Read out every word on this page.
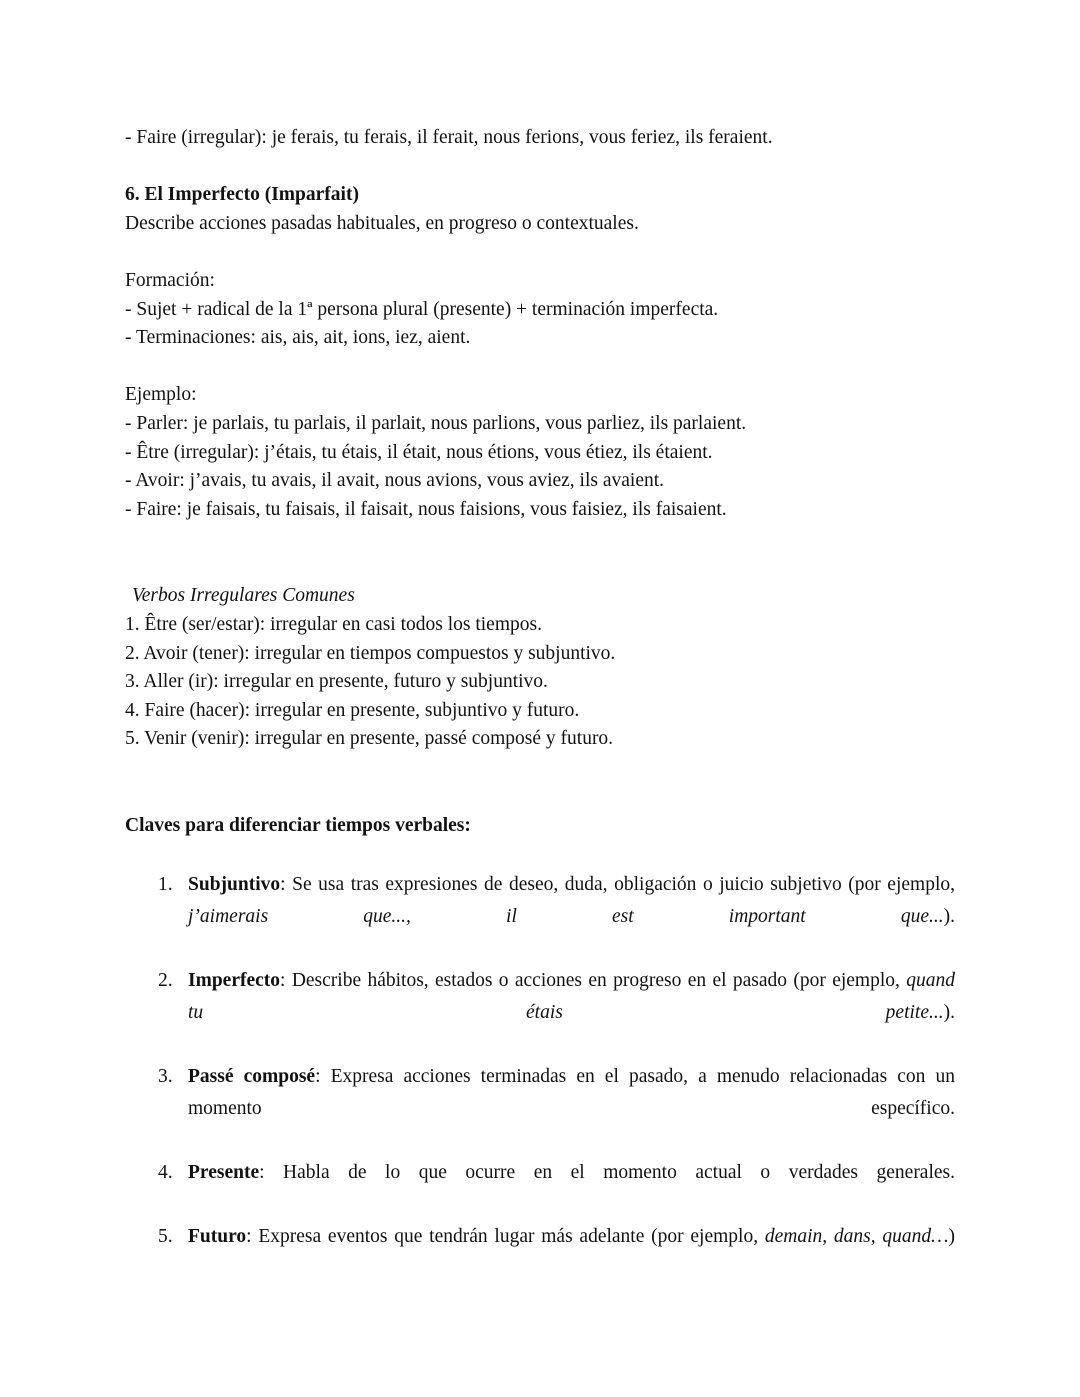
- Faire (irregular): je ferais, tu ferais, il ferait, nous ferions, vous feriez, ils feraient.
6. El Imperfecto (Imparfait)
Describe acciones pasadas habituales, en progreso o contextuales.
Formación:
- Sujet + radical de la 1ª persona plural (presente) + terminación imperfecta.
- Terminaciones: ais, ais, ait, ions, iez, aient.
Ejemplo:
- Parler: je parlais, tu parlais, il parlait, nous parlions, vous parliez, ils parlaient.
- Être (irregular): j’étais, tu étais, il était, nous étions, vous étiez, ils étaient.
- Avoir: j’avais, tu avais, il avait, nous avions, vous aviez, ils avaient.
- Faire: je faisais, tu faisais, il faisait, nous faisions, vous faisiez, ils faisaient.
Verbos Irregulares Comunes
1. Être (ser/estar): irregular en casi todos los tiempos.
2. Avoir (tener): irregular en tiempos compuestos y subjuntivo.
3. Aller (ir): irregular en presente, futuro y subjuntivo.
4. Faire (hacer): irregular en presente, subjuntivo y futuro.
5. Venir (venir): irregular en presente, passé composé y futuro.
Claves para diferenciar tiempos verbales:
1. Subjuntivo: Se usa tras expresiones de deseo, duda, obligación o juicio subjetivo (por ejemplo, j’aimerais que..., il est important que...).
2. Imperfecto: Describe hábitos, estados o acciones en progreso en el pasado (por ejemplo, quand tu étais petite...).
3. Passé composé: Expresa acciones terminadas en el pasado, a menudo relacionadas con un momento específico.
4. Presente: Habla de lo que ocurre en el momento actual o verdades generales.
5. Futuro: Expresa eventos que tendrán lugar más adelante (por ejemplo, demain, dans, quand…)
